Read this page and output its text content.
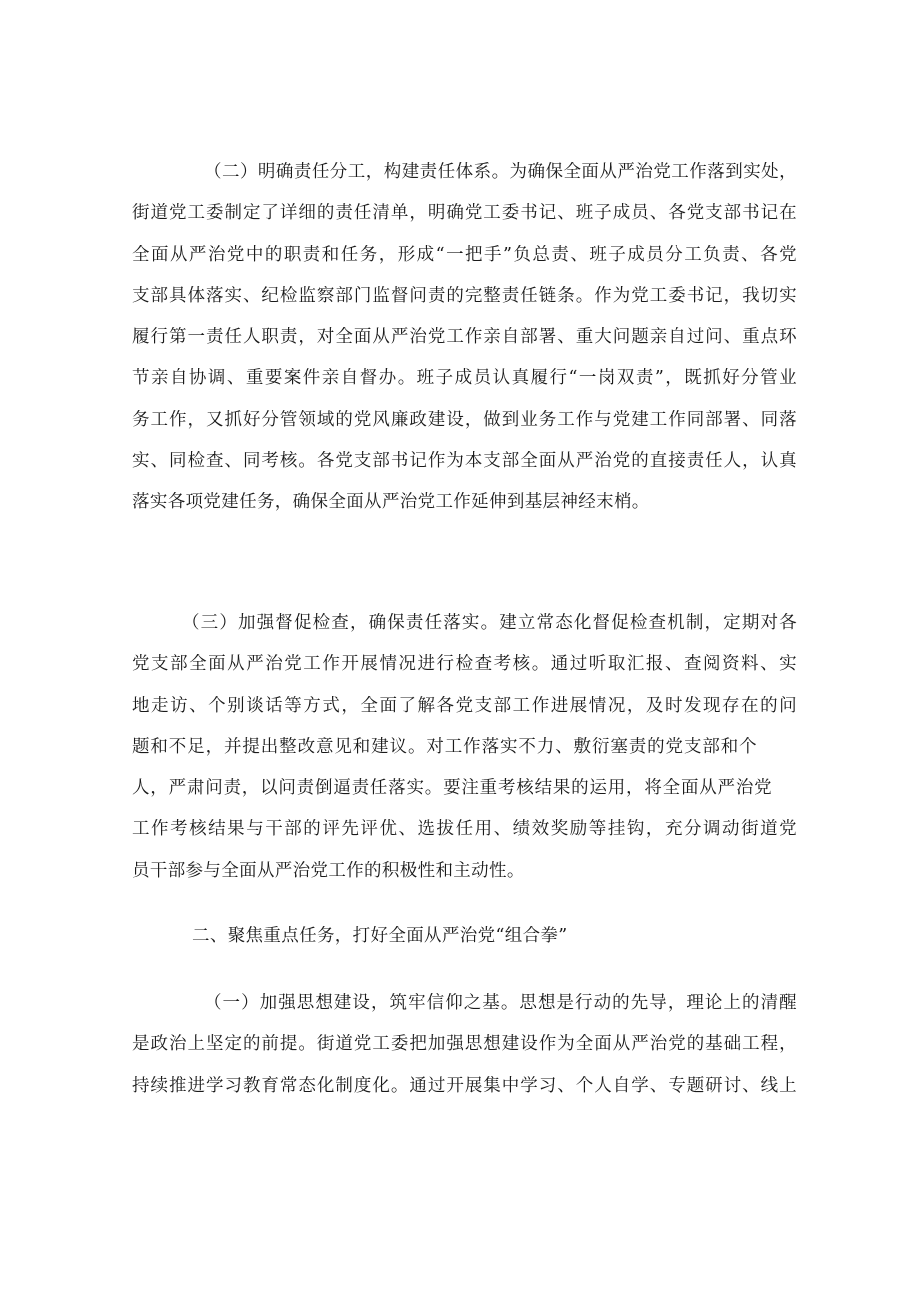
（二）明确责任分工，构建责任体系。为确保全面从严治党工作落到实处，
街道党工委制定了详细的责任清单，明确党工委书记、班子成员、各党支部书记在
全面从严治党中的职责和任务，形成“一把手”负总责、班子成员分工负责、各党
支部具体落实、纪检监察部门监督问责的完整责任链条。作为党工委书记，我切实
履行第一责任人职责，对全面从严治党工作亲自部署、重大问题亲自过问、重点环
节亲自协调、重要案件亲自督办。班子成员认真履行“一岗双责”，既抓好分管业
务工作，又抓好分管领域的党风廉政建设，做到业务工作与党建工作同部署、同落
实、同检查、同考核。各党支部书记作为本支部全面从严治党的直接责任人，认真
落实各项党建任务，确保全面从严治党工作延伸到基层神经末梢。
（三）加强督促检查，确保责任落实。建立常态化督促检查机制，定期对各
党支部全面从严治党工作开展情况进行检查考核。通过听取汇报、查阅资料、实
地走访、个别谈话等方式，全面了解各党支部工作进展情况，及时发现存在的问
题和不足，并提出整改意见和建议。对工作落实不力、敷衍塞责的党支部和个
人，严肃问责，以问责倒逼责任落实。要注重考核结果的运用，将全面从严治党
工作考核结果与干部的评先评优、选拔任用、绩效奖励等挂钩，充分调动街道党
员干部参与全面从严治党工作的积极性和主动性。
二、聚焦重点任务，打好全面从严治党“组合拳”
（一）加强思想建设，筑牢信仰之基。思想是行动的先导，理论上的清醒
是政治上坚定的前提。街道党工委把加强思想建设作为全面从严治党的基础工程，
持续推进学习教育常态化制度化。通过开展集中学习、个人自学、专题研讨、线上
